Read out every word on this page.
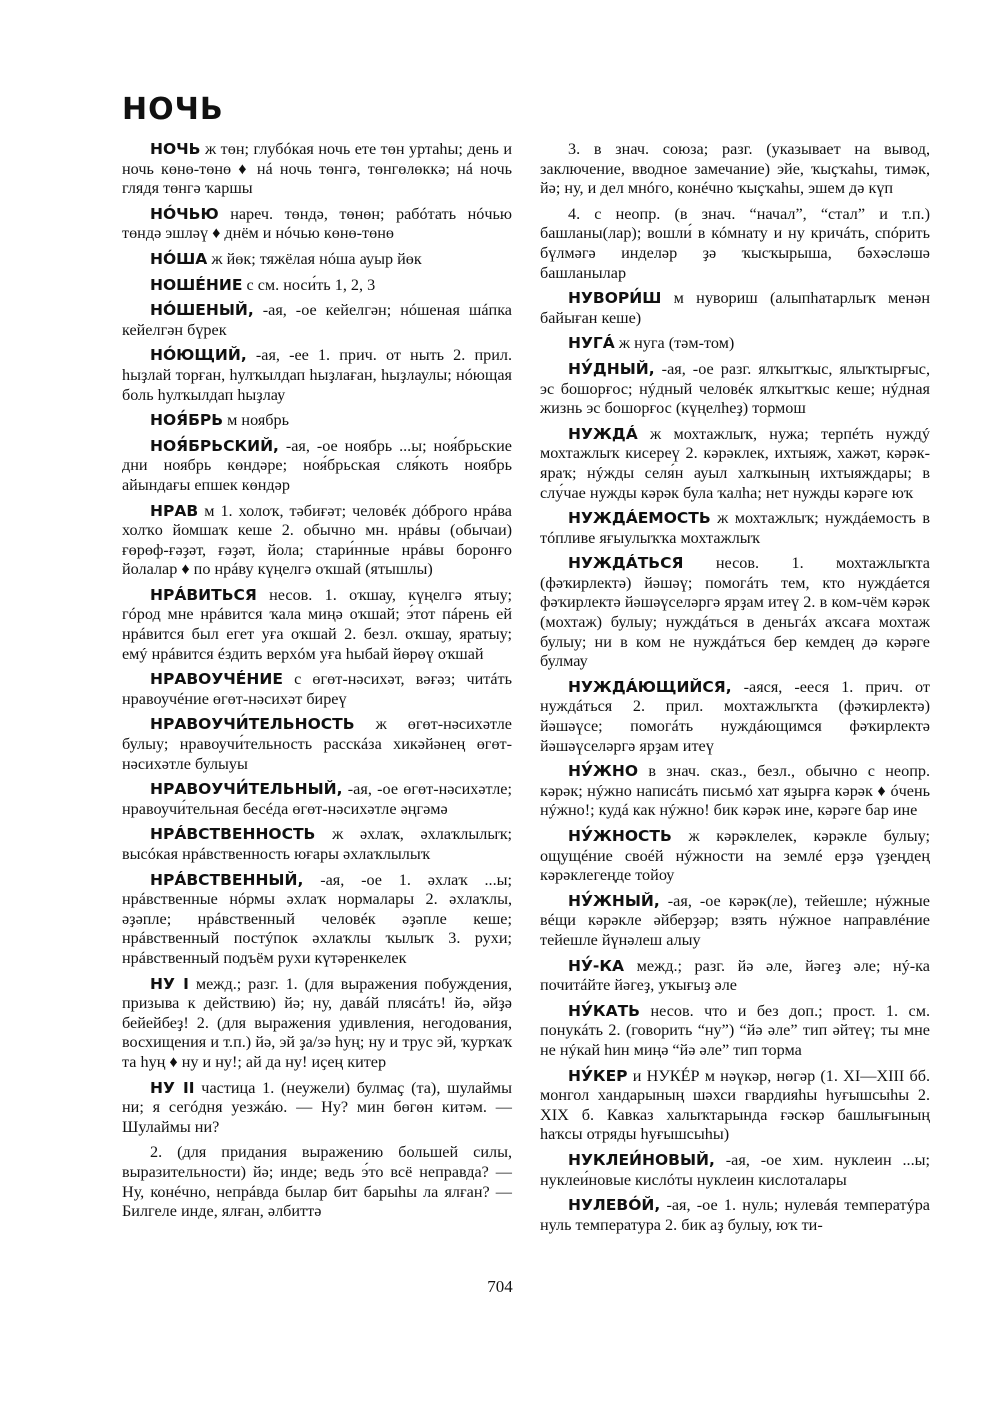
НОЧЬ

НОЧЬ ж төн; глубóкая ночь ете төн уртаһы; день и ночь көнө-төнө ♦ нá ночь төнгә, төнгөлөккә; нá ночь глядя төнгә ҡаршы

НÓЧЬЮ нареч. төндә, төнөн; рабóтать нóчью төндә эшләү ♦ днём и нóчью көнө-төнө

НÓША ж йөк; тяжёлая нóша ауыр йөк

НОШÉНИЕ с см. носи́ть 1, 2, 3

НÓШЕНЫЙ, -ая, -ое кейелгән; нóшеная шáпка кейелгән бүрек

НÓЮЩИЙ, -ая, -ее 1. прич. от ныть 2. прил. һыҙлай торған, һулҡылдап һыҙлаған, һыҙлаулы; нóющая боль һулҡылдап һыҙлау

НОЯ́БРЬ м ноябрь

НОЯ́БРЬСКИЙ, -ая, -ое ноябрь ...ы; ноя́брьские дни ноябрь көндәре; ноя́брьская сля́коть ноябрь айындағы епшек көндәр

НРАВ м 1. холоҡ, тәбиғәт; человéк дóброго нрáва холҡо йомшаҡ кеше 2. обычно мн. нрáвы (обычаи) ғөрөф-ғәҙәт, ғәҙәт, йола; стари́нные нрáвы боронғо йолалар ♦ по нрáву күңелгә оҡшай (ятышлы)

НРÁВИТЬСЯ несов. 1. оҡшау, күңелгә ятыу; гóрод мне нрáвится ҡала миңә оҡшай; э́тот пáрень ей нрáвится был егет уға оҡшай 2. безл. оҡшау, яратыу; емý нрáвится éздить верхóм уға һыбай йөрөү оҡшай

НРАВОУЧÉНИЕ с өгөт-нәсихәт, вәғәз; читáть нравоучéние өгөт-нәсихәт биреү

НРАВОУЧИ́ТЕЛЬНОСТЬ ж өгөт-нәсихәтле булыу; нравоучи́тельность расскáза хикәйәнең өгөт-нәсихәтле булыуы

НРАВОУЧИ́ТЕЛЬНЫЙ, -ая, -ое өгөт-нәсихәтле; нравоучи́тельная бесéда өгөт-нәсихәтле әңгәмә

НРÁВСТВЕННОСТЬ ж әхлаҡ, әхлаҡлылыҡ; высóкая нрáвственность юғары әхлаҡлылыҡ

НРÁВСТВЕННЫЙ, -ая, -ое 1. әхлаҡ ...ы; нрáвственные нóрмы әхлаҡ нормалары 2. әхлаҡлы, әҙәпле; нрáвственный человéк әҙәпле кеше; нрáвственный постýпок әхлаҡлы ҡылыҡ 3. рухи; нрáвственный подъём рухи күтәренкелек

НУ I межд.; разг. 1. (для выражения побуждения, призыва к действию) йә; ну, давáй плясáть! йә, әйҙә бейейбеҙ! 2. (для выражения удивления, негодования, восхищения и т.п.) йә, эй ҙа/зә һуң; ну и трус эй, ҡурҡаҡ та һуң ♦ ну и ну!; ай да ну! иҫең китер

НУ II частица 1. (неужели) булмаҫ (та), шулаймы ни; я сегóдня уезжáю. — Ну? мин бөгөн китәм. — Шулаймы ни?

2. (для придания выражению большей силы, выразительности) йә; инде; ведь э́то всё неправда? — Ну, конéчно, непрáвда былар бит барыһы ла ялған? — Билгеле инде, ялған, әлбиттә

3. в знач. союза; разг. (указывает на вывод, заключение, вводное замечание) эйе, ҡыҫҡаһы, тимәк, йә; ну, и дел мнóго, конéчно ҡыҫҡаһы, эшем дә күп

4. с неопр. (в знач. “начал”, “стал” и т.п.) башланы(лар); вошли́ в кóмнату и ну кричáть, спóрить бүлмәгә инделәр ҙә ҡысҡырыша, бәхәсләшә башланылар

НУВОРИ́Ш м нувориш (алыпһатарлыҡ менән байыған кеше)

НУГÁ ж нуга (тәм-том)

НУ́ДНЫЙ, -ая, -ое разг. ялҡытҡыс, ялыҡтырғыс, эс бошорғос; нýдный человéк ялҡытҡыс кеше; нýдная жизнь эс бошорғос (күңелһеҙ) тормош

НУЖДÁ ж мохтажлыҡ, нужа; терпéть нуждý мохтажлыҡ кисереү 2. кәрәклек, ихтыяж, хажәт, кәрәк-яраҡ; нýжды селя́н ауыл халҡының ихтыяждары; в слу́чае нужды кәрәк була ҡалһа; нет нужды кәрәге юҡ

НУЖДÁЕМОСТЬ ж мохтажлыҡ; нуждáемость в тóпливе яғыулыҡҡа мохтажлыҡ

НУЖДÁТЬСЯ несов. 1. мохтажлыҡта (фәҡирлектә) йәшәү; помогáть тем, кто нуждáется фәҡирлектә йәшәүселәргә ярҙам итеү 2. в ком-чём кәрәк (мохтаж) булыу; нуждáться в деньгáх аҡсаға мохтаж булыу; ни в ком не нуждáться бер кемдең дә кәрәге булмау

НУЖДÁЮЩИЙСЯ, -аяся, -ееся 1. прич. от нуждáться 2. прил. мохтажлыҡта (фәҡирлектә) йәшәүсе; помогáть нуждáющимся фәҡирлектә йәшәүселәргә ярҙам итеү

НУ́ЖНО в знач. сказ., безл., обычно с неопр. кәрәк; нýжно написáть письмó хат яҙырға кәрәк ♦ óчень нýжно!; кудá как нýжно! бик кәрәк ине, кәрәге бар ине

НУ́ЖНОСТЬ ж кәрәклелек, кәрәкле булыу; ощущéние своéй нýжности на землé ерҙә үҙеңдең кәрәклегеңде тойоу

НУ́ЖНЫЙ, -ая, -ое кәрәк(ле), тейешле; нýжные вéщи кәрәкле әйберҙәр; взять нýжное направлéние тейешле йүнәлеш алыу

НУ́-КА межд.; разг. йә әле, йәгеҙ әле; нý-ка почитáйте йәгеҙ, уҡығыҙ әле

НУ́КАТЬ несов. что и без доп.; прост. 1. см. понукáть 2. (говорить “ну”) “йә әле” тип әйтеү; ты мне не нýкай һин миңә “йә әле” тип торма

НУ́КЕР и НУКÉР м нәүкәр, нөгәр (1. XI—XIII бб. монгол хандарының шәхси гвардияһы һуғышсыһы 2. XIX б. Кавказ халыҡтарында ғәскәр башлығының һаҡсы отряды һуғышсыһы)

НУКЛЕИ́НОВЫЙ, -ая, -ое хим. нуклеин ...ы; нуклеи́новые кислóты нуклеин кислоталары

НУЛЕВÓЙ, -ая, -ое 1. нуль; нулевáя температýра нуль температура 2. бик аҙ булыу, юҡ ти-

704
